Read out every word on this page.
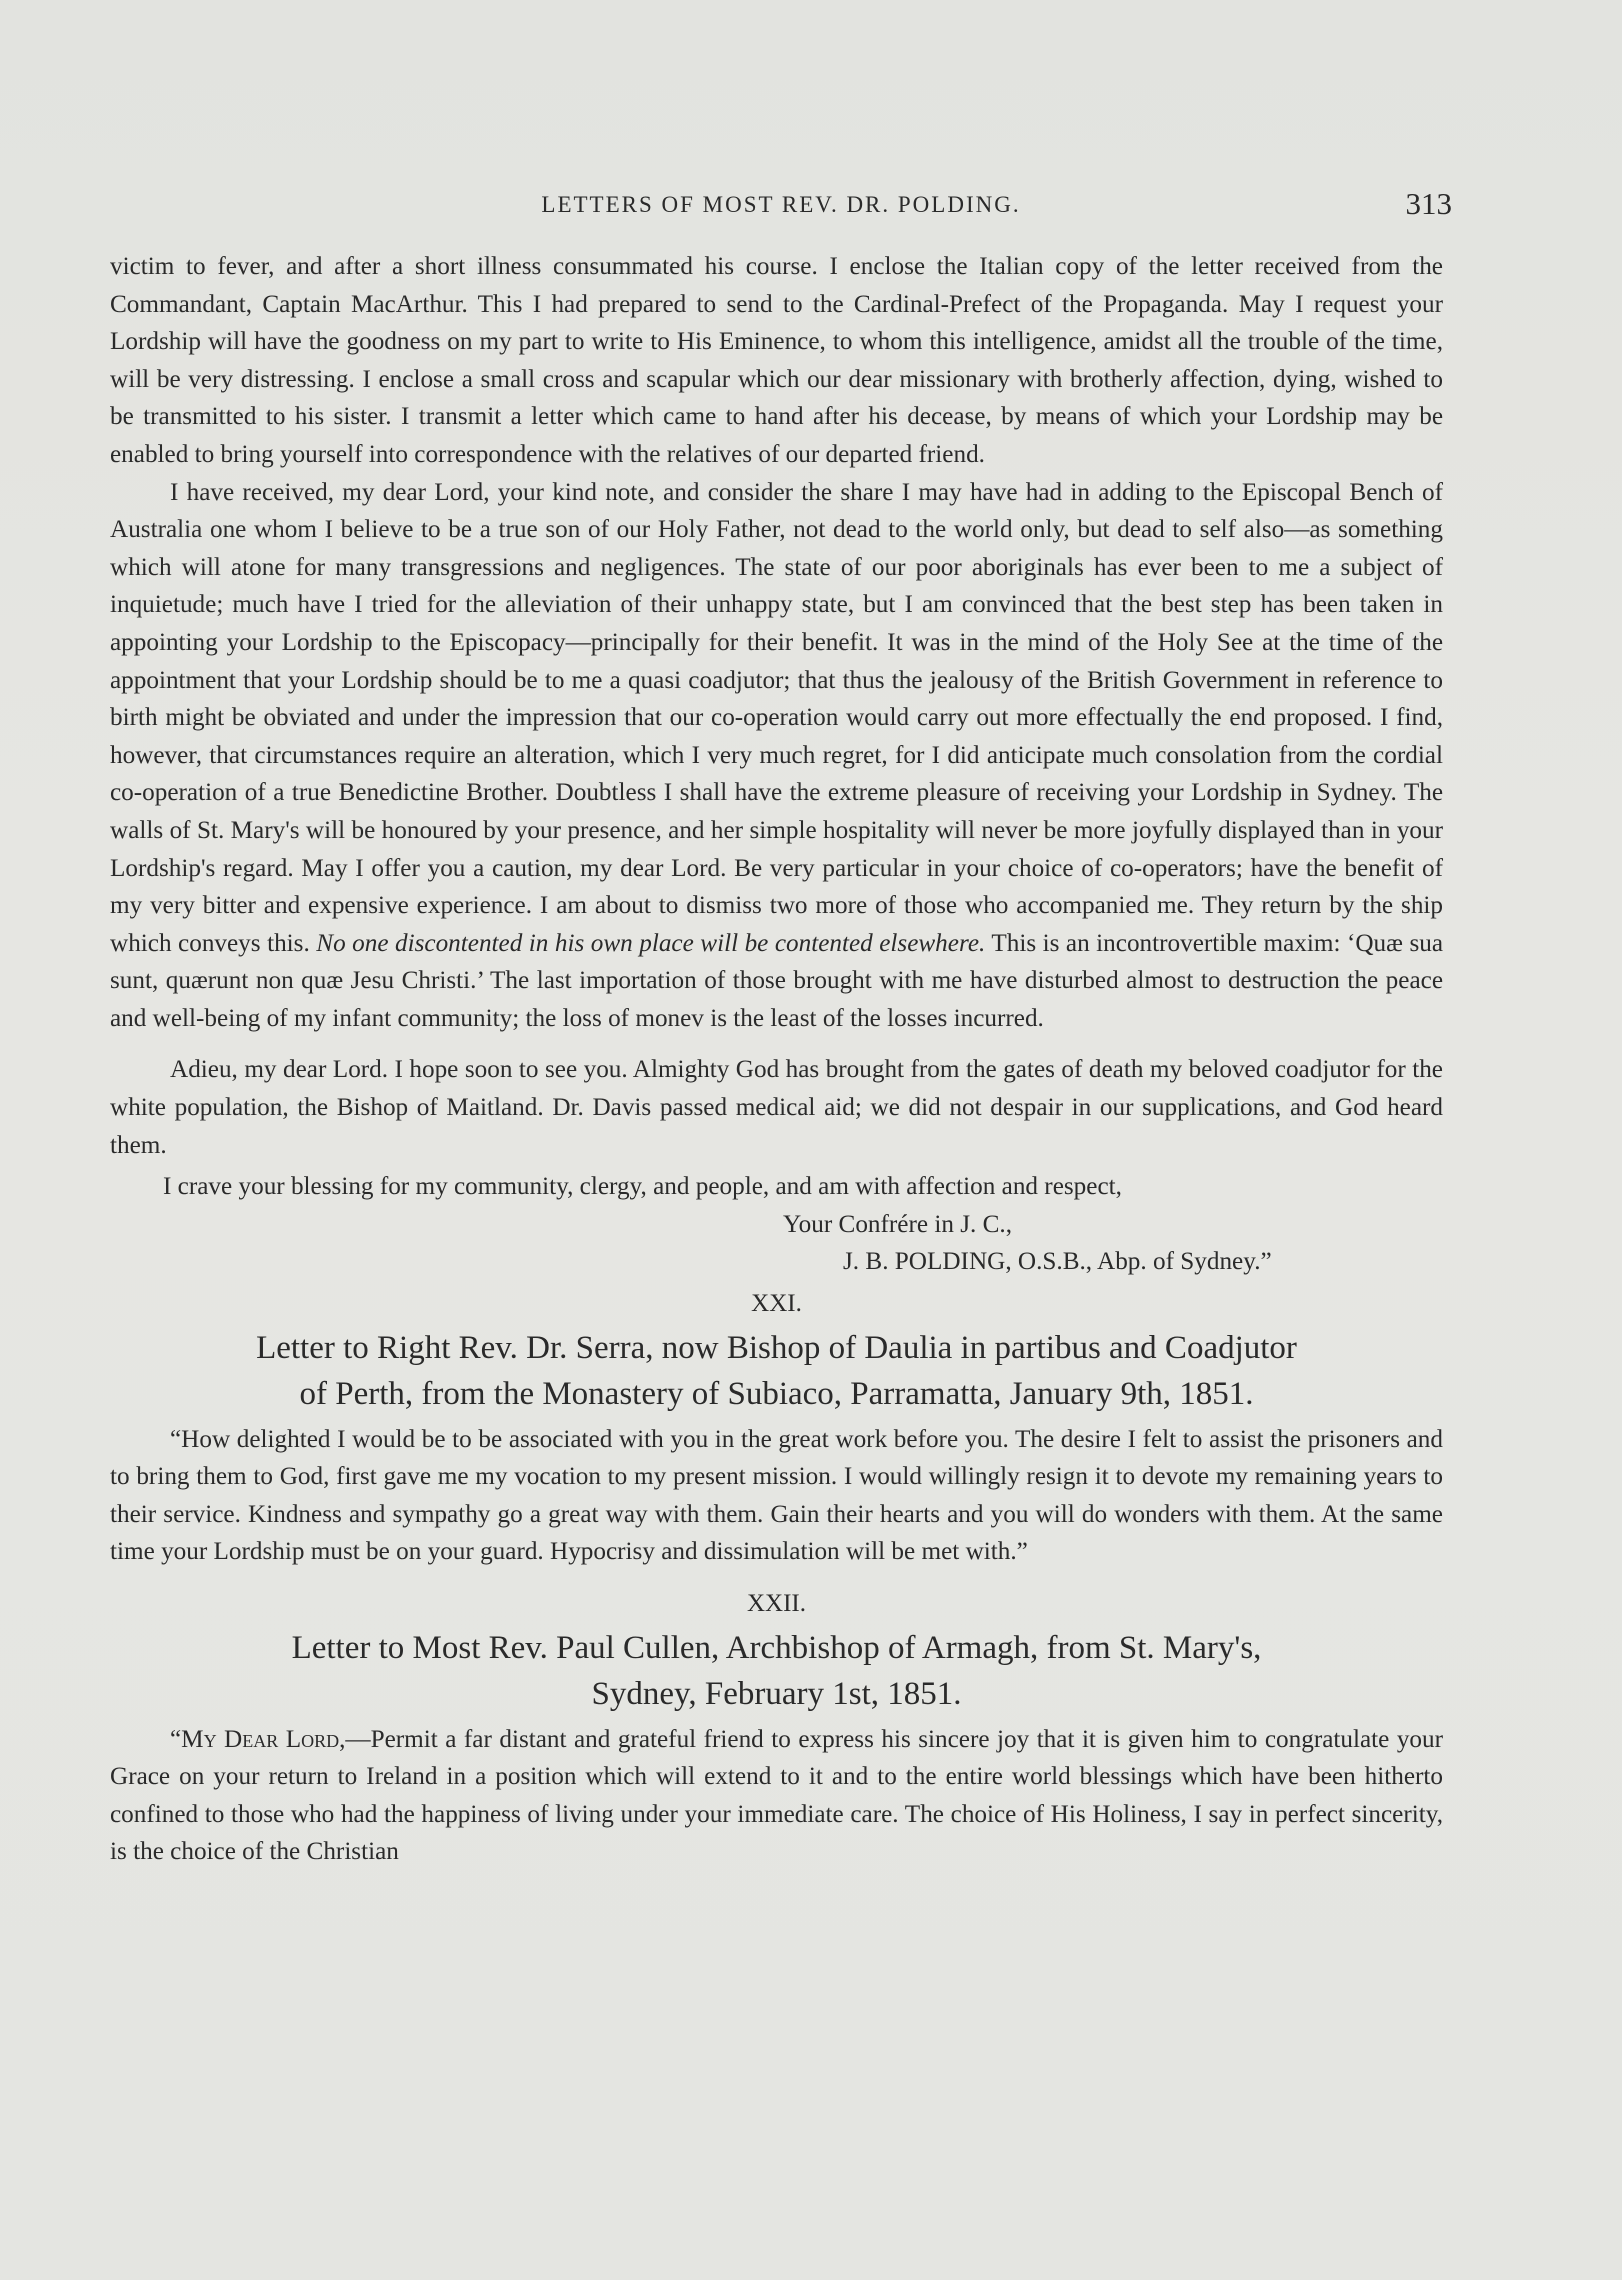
LETTERS OF MOST REV. DR. POLDING.	313

victim to fever, and after a short illness consummated his course. I enclose the Italian copy of the letter received from the Commandant, Captain MacArthur. This I had prepared to send to the Cardinal-Prefect of the Propaganda. May I request your Lordship will have the goodness on my part to write to His Eminence, to whom this intelligence, amidst all the trouble of the time, will be very distressing. I enclose a small cross and scapular which our dear missionary with brotherly affection, dying, wished to be transmitted to his sister. I transmit a letter which came to hand after his decease, by means of which your Lordship may be enabled to bring yourself into correspondence with the relatives of our departed friend.

I have received, my dear Lord, your kind note, and consider the share I may have had in adding to the Episcopal Bench of Australia one whom I believe to be a true son of our Holy Father, not dead to the world only, but dead to self also—as something which will atone for many transgressions and negligences. The state of our poor aboriginals has ever been to me a subject of inquietude; much have I tried for the alleviation of their unhappy state, but I am convinced that the best step has been taken in appointing your Lordship to the Episcopacy—principally for their benefit. It was in the mind of the Holy See at the time of the appointment that your Lordship should be to me a quasi coadjutor; that thus the jealousy of the British Government in reference to birth might be obviated and under the impression that our co-operation would carry out more effectually the end proposed. I find, however, that circumstances require an alteration, which I very much regret, for I did anticipate much consolation from the cordial co-operation of a true Benedictine Brother. Doubtless I shall have the extreme pleasure of receiving your Lordship in Sydney. The walls of St. Mary's will be honoured by your presence, and her simple hospitality will never be more joyfully displayed than in your Lordship's regard. May I offer you a caution, my dear Lord. Be very particular in your choice of co-operators; have the benefit of my very bitter and expensive experience. I am about to dismiss two more of those who accompanied me. They return by the ship which conveys this. No one discontented in his own place will be contented elsewhere. This is an incontrovertible maxim: ‘Quæ sua sunt, quærunt non quæ Jesu Christi.’ The last importation of those brought with me have disturbed almost to destruction the peace and well-being of my infant community; the loss of monev is the least of the losses incurred.

Adieu, my dear Lord. I hope soon to see you. Almighty God has brought from the gates of death my beloved coadjutor for the white population, the Bishop of Maitland. Dr. Davis passed medical aid; we did not despair in our supplications, and God heard them.

I crave your blessing for my community, clergy, and people, and am with affection and respect,

Your Confrére in J. C.,

J. B. POLDING, O.S.B., Abp. of Sydney.”

XXI.
Letter to Right Rev. Dr. Serra, now Bishop of Daulia in partibus and Coadjutor
of Perth, from the Monastery of Subiaco, Parramatta, January 9th, 1851.

“How delighted I would be to be associated with you in the great work before you. The desire I felt to assist the prisoners and to bring them to God, first gave me my vocation to my present mission. I would willingly resign it to devote my remaining years to their service. Kindness and sympathy go a great way with them. Gain their hearts and you will do wonders with them. At the same time your Lordship must be on your guard. Hypocrisy and dissimulation will be met with.”

XXII.
Letter to Most Rev. Paul Cullen, Archbishop of Armagh, from St. Mary's,
Sydney, February 1st, 1851.

“My Dear Lord,—Permit a far distant and grateful friend to express his sincere joy that it is given him to congratulate your Grace on your return to Ireland in a position which will extend to it and to the entire world blessings which have been hitherto confined to those who had the happiness of living under your immediate care. The choice of His Holiness, I say in perfect sincerity, is the choice of the Christian
